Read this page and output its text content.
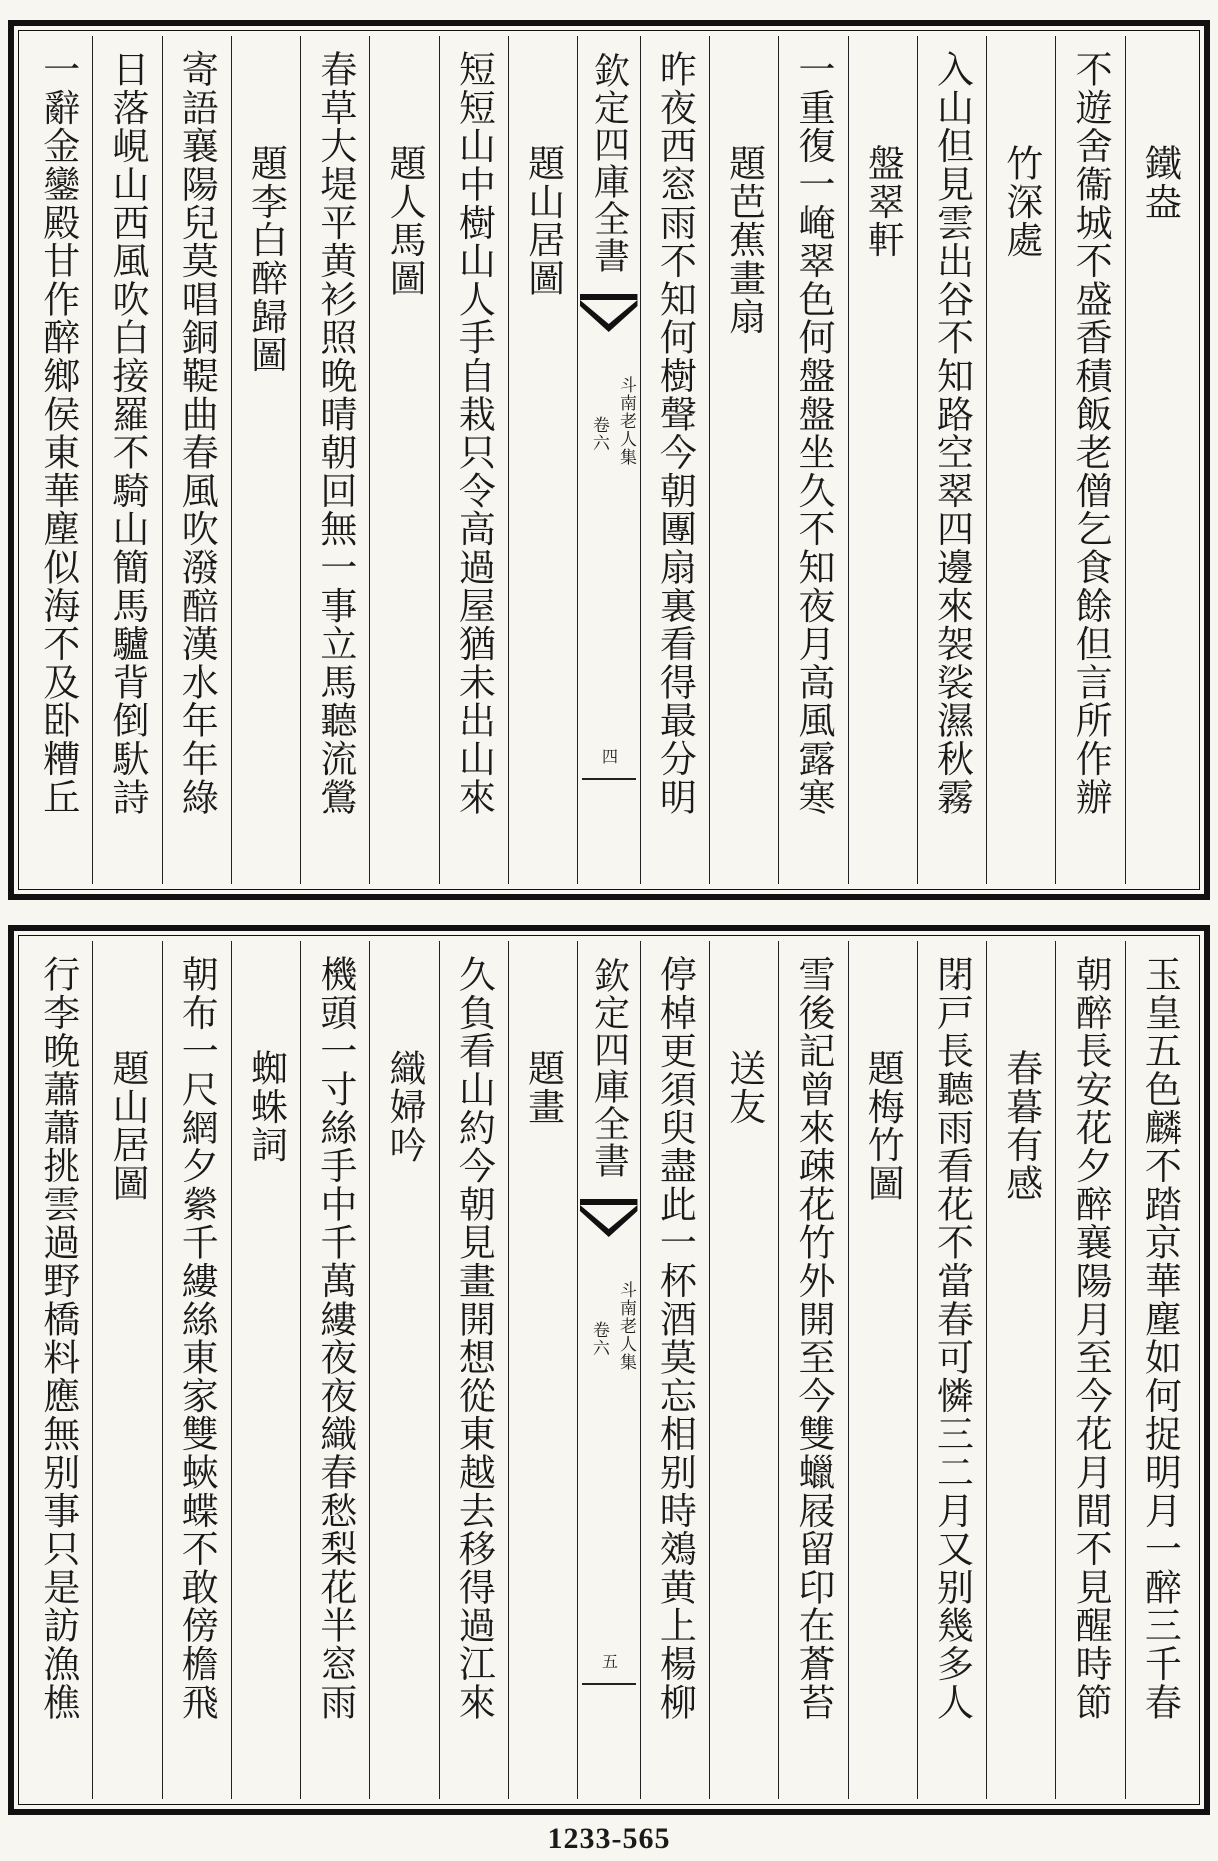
鐵盎
不遊舍衞城不盛香積飯老僧乞食餘但言所作辦
竹深處
入山但見雲出谷不知路空翠四邊來袈裟濕秋霧
盤翠軒
一重復一崦翠色何盤盤坐久不知夜月高風露寒
題芭蕉畫扇
昨夜西窓雨不知何樹聲今朝團扇裏看得最分明
欽定四庫全書
斗南老人集
卷六
四
題山居圖
短短山中樹山人手自栽只令高過屋猶未出山來
題人馬圖
春草大堤平黄衫照晚晴朝回無一事立馬聽流鶯
題李白醉歸圖
寄語襄陽兒莫唱銅鞮曲春風吹潑醅漢水年年綠
日落峴山西風吹白接羅不騎山簡馬驢背倒馱詩
一辭金鑾殿甘作醉鄉侯東華塵似海不及卧糟丘
玉皇五色麟不踏京華塵如何捉明月一醉三千春
朝醉長安花夕醉襄陽月至今花月間不見醒時節
春暮有感
閉戸長聽雨看花不當春可憐三二月又别幾多人
題梅竹圖
雪後記曾來疎花竹外開至今雙蠟屐留印在蒼苔
送友
停棹更須臾盡此一杯酒莫忘相别時鵁黄上楊柳
欽定四庫全書
斗南老人集
卷六
五
題畫
久負看山約今朝見畫開想從東越去移得過江來
織婦吟
機頭一寸絲手中千萬縷夜夜織春愁梨花半窓雨
蜘蛛詞
朝布一尺網夕縈千縷絲東家雙蛺蝶不敢傍檐飛
題山居圖
行李晚蕭蕭挑雲過野橋料應無别事只是訪漁樵
1233-565
